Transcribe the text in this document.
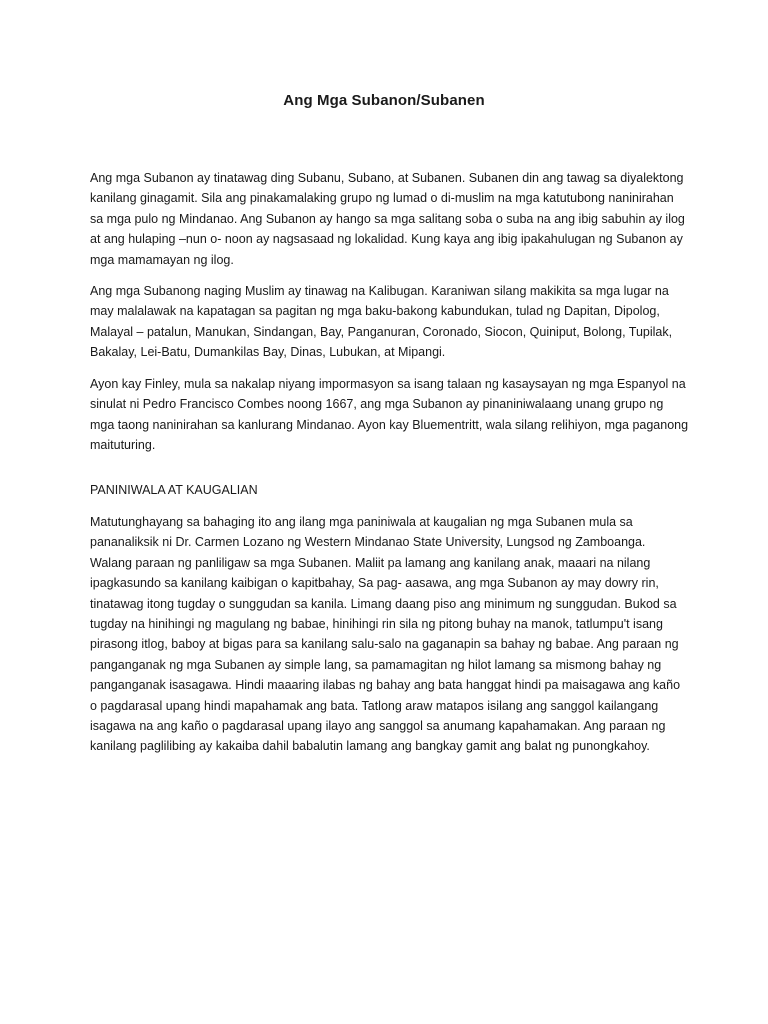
Ang Mga Subanon/Subanen

Ang mga Subanon ay tinatawag ding Subanu, Subano, at Subanen. Subanen din ang tawag sa diyalektong kanilang ginagamit. Sila ang pinakamalaking grupo ng lumad o di-muslim na mga katutubong naninirahan sa mga pulo ng Mindanao. Ang Subanon ay hango sa mga salitang soba o suba na ang ibig sabuhin ay ilog at ang hulaping –nun o- noon ay nagsasaad ng lokalidad. Kung kaya ang ibig ipakahulugan ng Subanon ay mga mamamayan ng ilog.

Ang mga Subanong naging Muslim ay tinawag na Kalibugan. Karaniwan silang makikita sa mga lugar na may malalawak na kapatagan sa pagitan ng mga baku-bakong kabundukan, tulad ng Dapitan, Dipolog, Malayal – patalun, Manukan, Sindangan, Bay, Panganuran, Coronado, Siocon, Quiniput, Bolong, Tupilak, Bakalay, Lei-Batu, Dumankilas Bay, Dinas, Lubukan, at Mipangi.

Ayon kay Finley, mula sa nakalap niyang impormasyon sa isang talaan ng kasaysayan ng mga Espanyol na sinulat ni Pedro Francisco Combes noong 1667, ang mga Subanon ay pinaniniwalaang unang grupo ng mga taong naninirahan sa kanlurang Mindanao. Ayon kay Bluementritt, wala silang relihiyon, mga paganong maituturing.

PANINIWALA AT KAUGALIAN

Matutunghayang sa bahaging ito ang ilang mga paniniwala at kaugalian ng mga Subanen mula sa pananaliksik ni Dr. Carmen Lozano ng Western Mindanao State University, Lungsod ng Zamboanga. Walang paraan ng panliligaw sa mga Subanen. Maliit pa lamang ang kanilang anak, maaari na nilang ipagkasundo sa kanilang kaibigan o kapitbahay, Sa pag- aasawa, ang mga Subanon ay may dowry rin, tinatawag itong tugday o sunggudan sa kanila. Limang daang piso ang minimum ng sunggudan. Bukod sa tugday na hinihingi ng magulang ng babae, hinihingi rin sila ng pitong buhay na manok, tatlumpu't isang pirasong itlog, baboy at bigas para sa kanilang salu-salo na gaganapin sa bahay ng babae. Ang paraan ng panganganak ng mga Subanen ay simple lang, sa pamamagitan ng hilot lamang sa mismong bahay ng panganganak isasagawa. Hindi maaaring ilabas ng bahay ang bata hanggat hindi pa maisagawa ang kaño o pagdarasal upang hindi mapahamak ang bata. Tatlong araw matapos isilang ang sanggol kailangang isagawa na ang kaño o pagdarasal upang ilayo ang sanggol sa anumang kapahamakan. Ang paraan ng kanilang paglilibing ay kakaiba dahil babalutin lamang ang bangkay gamit ang balat ng punongkahoy.
